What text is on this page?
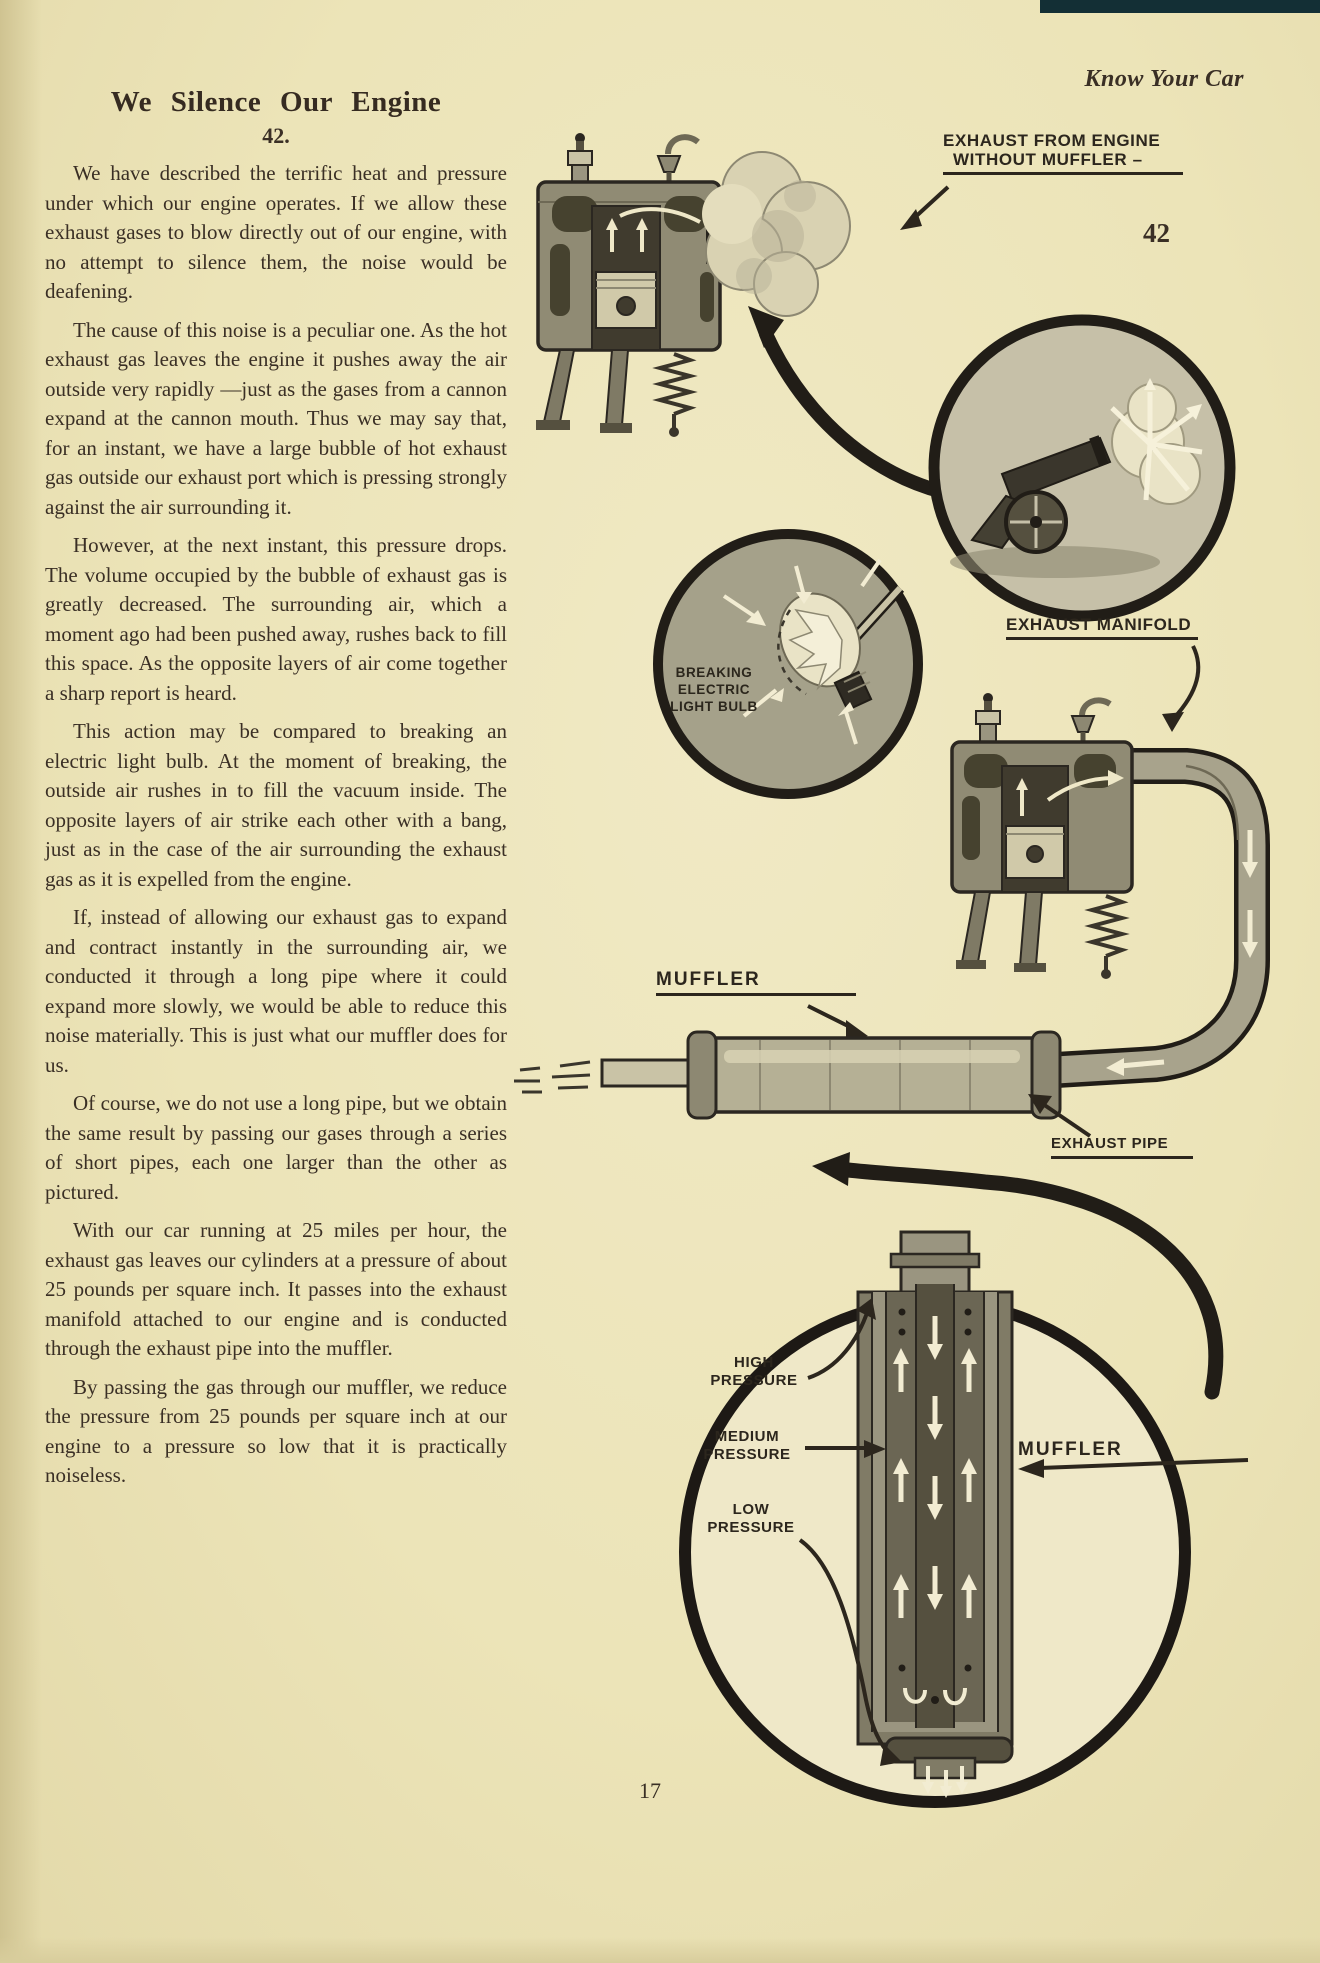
Know Your Car
We Silence Our Engine
42.

We have described the terrific heat and pressure under which our engine operates. If we allow these exhaust gases to blow directly out of our engine, with no attempt to silence them, the noise would be deafening.

The cause of this noise is a peculiar one. As the hot exhaust gas leaves the engine it pushes away the air outside very rapidly —just as the gases from a cannon expand at the cannon mouth. Thus we may say that, for an instant, we have a large bubble of hot exhaust gas outside our exhaust port which is pressing strongly against the air surrounding it.

However, at the next instant, this pressure drops. The volume occupied by the bubble of exhaust gas is greatly decreased. The surrounding air, which a moment ago had been pushed away, rushes back to fill this space. As the opposite layers of air come together a sharp report is heard.

This action may be compared to breaking an electric light bulb. At the moment of breaking, the outside air rushes in to fill the vacuum inside. The opposite layers of air strike each other with a bang, just as in the case of the air surrounding the exhaust gas as it is expelled from the engine.

If, instead of allowing our exhaust gas to expand and contract instantly in the surrounding air, we conducted it through a long pipe where it could expand more slowly, we would be able to reduce this noise materially. This is just what our muffler does for us.

Of course, we do not use a long pipe, but we obtain the same result by passing our gases through a series of short pipes, each one larger than the other as pictured.

With our car running at 25 miles per hour, the exhaust gas leaves our cylinders at a pressure of about 25 pounds per square inch. It passes into the exhaust manifold attached to our engine and is conducted through the exhaust pipe into the muffler.

By passing the gas through our muffler, we reduce the pressure from 25 pounds per square inch at our engine to a pressure so low that it is practically noiseless.

EXHAUST FROM ENGINE
WITHOUT MUFFLER –
42
BREAKING
ELECTRIC
LIGHT BULB
EXHAUST MANIFOLD
MUFFLER
EXHAUST PIPE
HIGH
PRESSURE
MEDIUM
PRESSURE
LOW
PRESSURE
MUFFLER
17
